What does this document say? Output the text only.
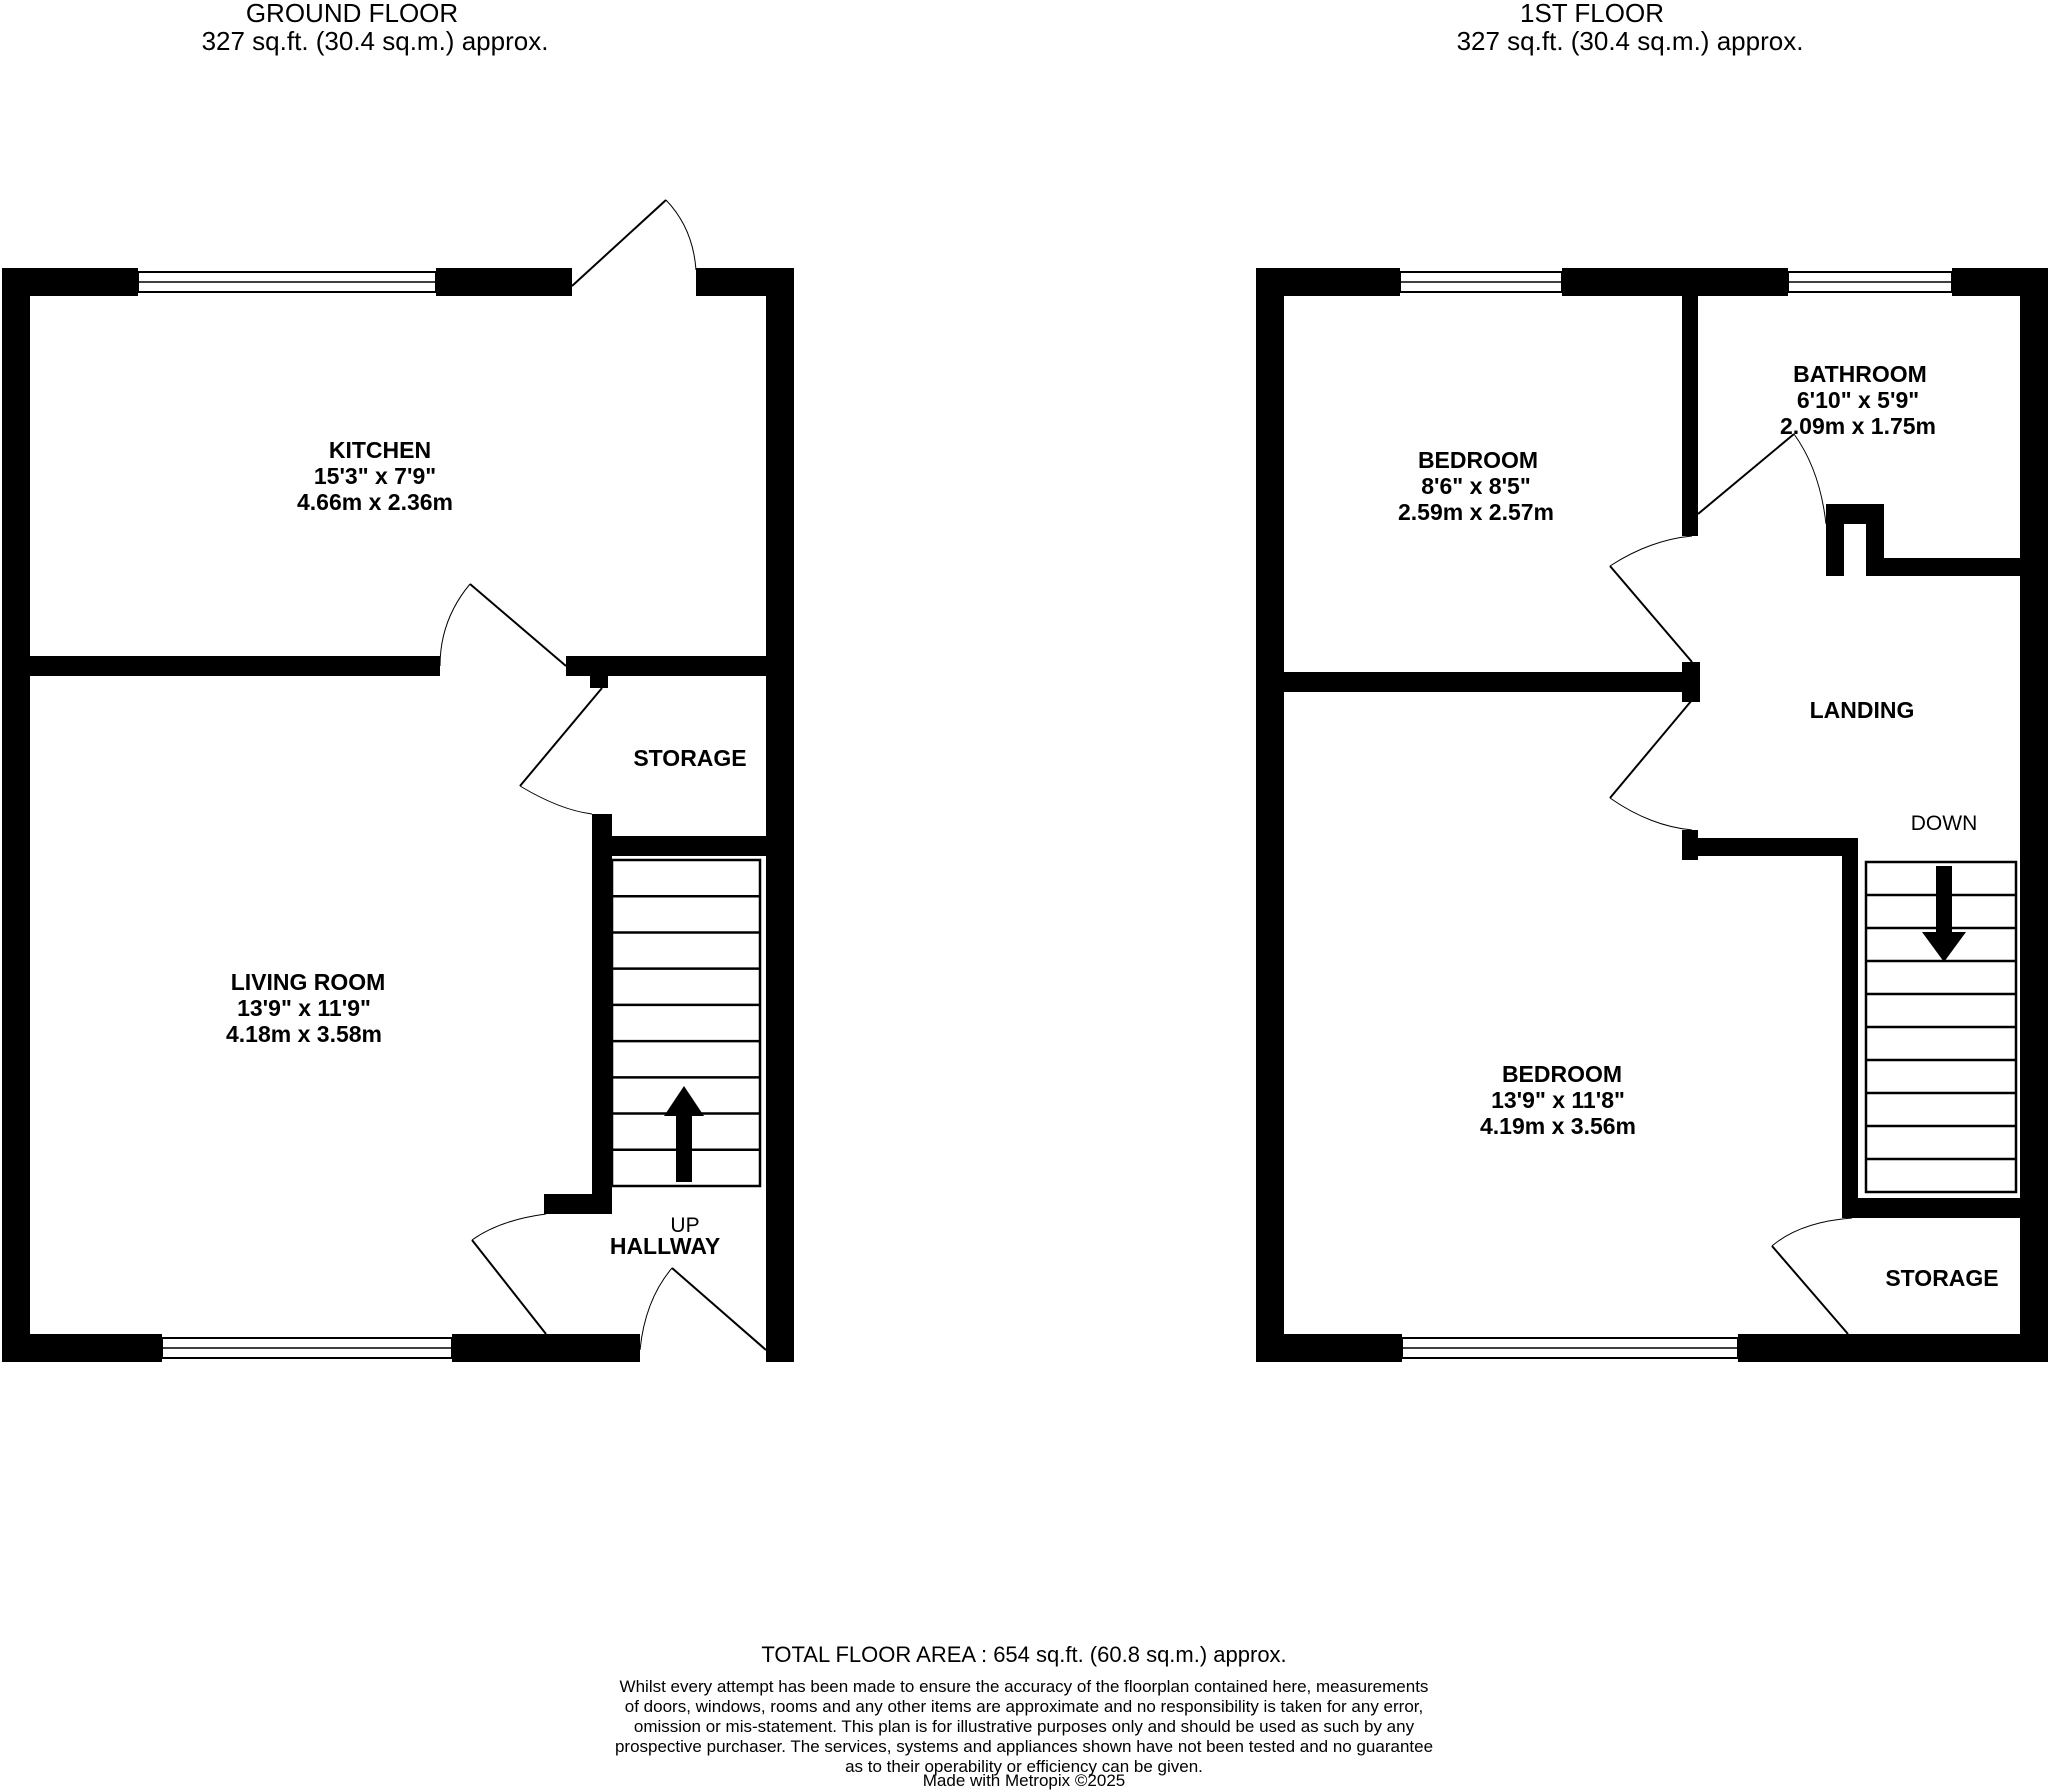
GROUND FLOOR
327 sq.ft. (30.4 sq.m.) approx.
KITCHEN
15'3" x 7'9"
4.66m x 2.36m
STORAGE
LIVING ROOM
13'9" x 11'9"
4.18m x 3.58m
UP
HALLWAY
1ST FLOOR
327 sq.ft. (30.4 sq.m.) approx.
BEDROOM
8'6" x 8'5"
2.59m x 2.57m
BATHROOM
6'10" x 5'9"
2.09m x 1.75m
LANDING
DOWN
BEDROOM
13'9" x 11'8"
4.19m x 3.56m
STORAGE
TOTAL FLOOR AREA : 654 sq.ft. (60.8 sq.m.) approx.
Whilst every attempt has been made to ensure the accuracy of the floorplan contained here, measurements
of doors, windows, rooms and any other items are approximate and no responsibility is taken for any error,
omission or mis-statement. This plan is for illustrative purposes only and should be used as such by any
prospective purchaser. The services, systems and appliances shown have not been tested and no guarantee
as to their operability or efficiency can be given.
Made with Metropix ©2025
